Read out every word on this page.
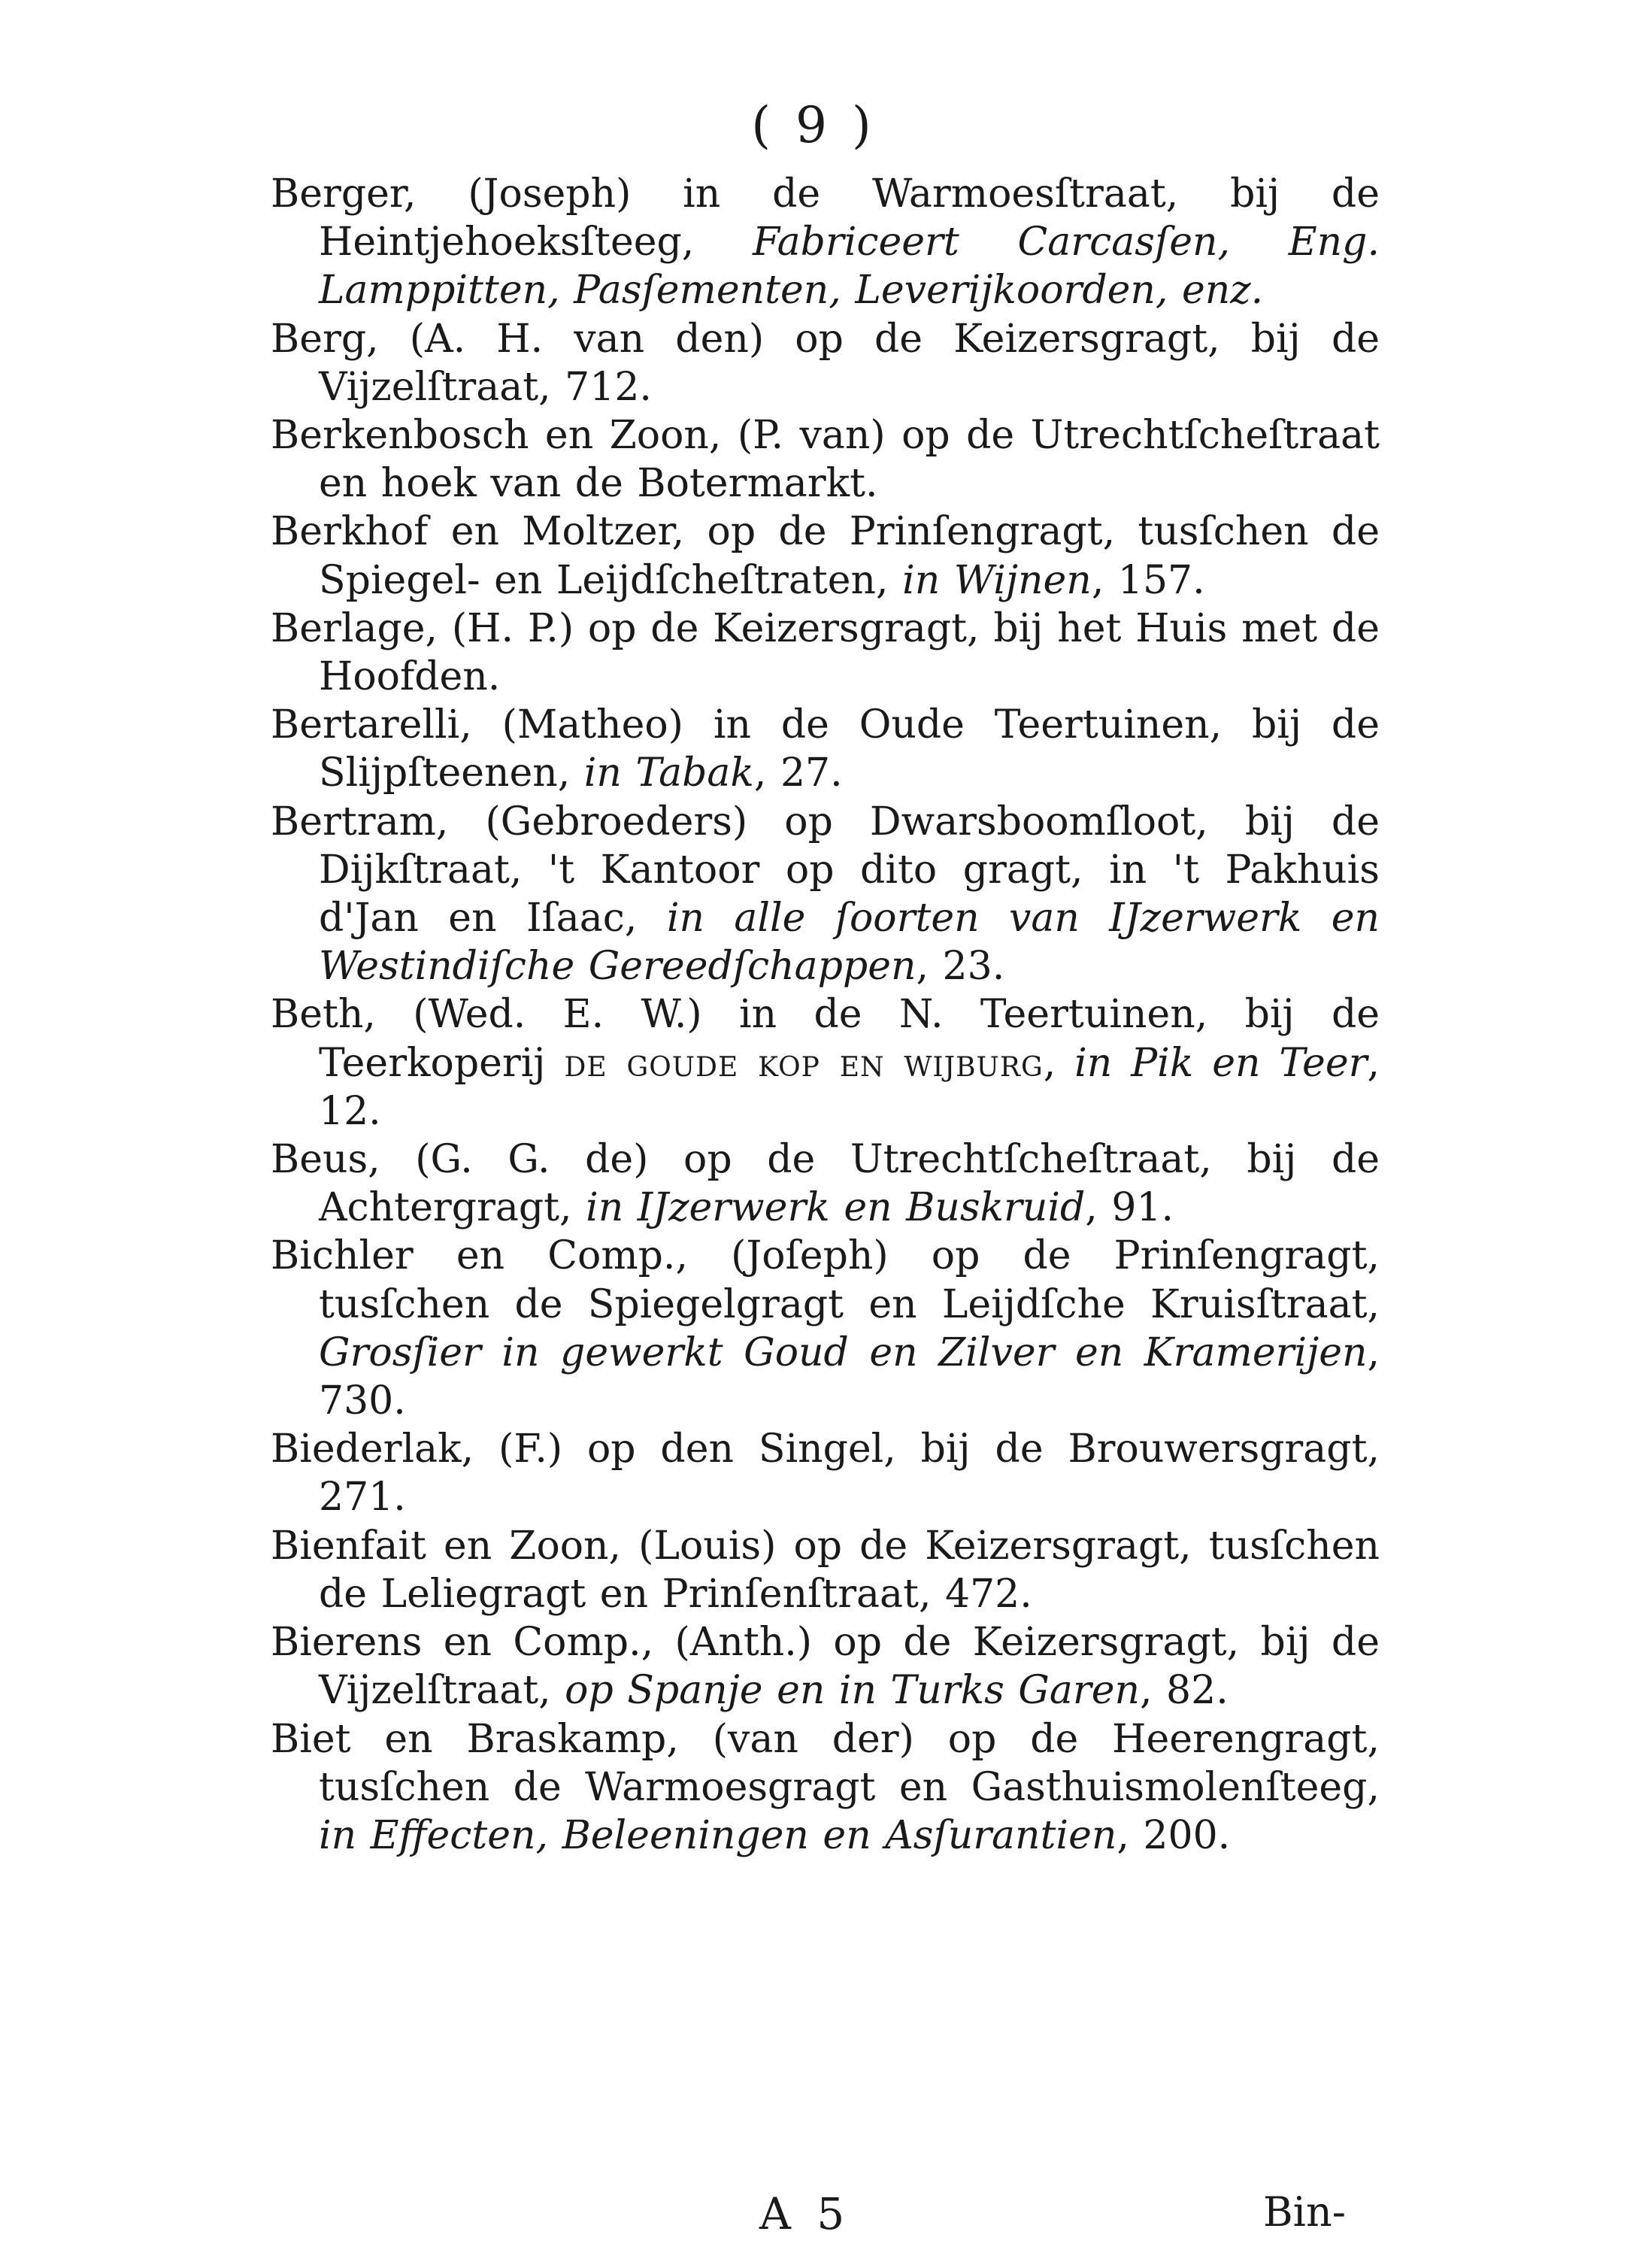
( 9 )
Berger, (Joseph) in de Warmoesſtraat, bij de Heintjehoeksſteeg, Fabriceert Carcasſen, Eng. Lamppitten, Pasſementen, Leverijkoorden, enz.
Berg, (A. H. van den) op de Keizersgragt, bij de Vijzelſtraat, 712.
Berkenbosch en Zoon, (P. van) op de Utrechtſcheſtraat en hoek van de Botermarkt.
Berkhof en Moltzer, op de Prinſengragt, tusſchen de Spiegel- en Leijdſcheſtraten, in Wijnen, 157.
Berlage, (H. P.) op de Keizersgragt, bij het Huis met de Hoofden.
Bertarelli, (Matheo) in de Oude Teertuinen, bij de Slijpſteenen, in Tabak, 27.
Bertram, (Gebroeders) op Dwarsboomſloot, bij de Dijkſtraat, 't Kantoor op dito gragt, in 't Pakhuis d'Jan en Iſaac, in alle ſoorten van IJzerwerk en Westindiſche Gereedſchappen, 23.
Beth, (Wed. E. W.) in de N. Teertuinen, bij de Teerkoperij de goude kop en wijburg, in Pik en Teer, 12.
Beus, (G. G. de) op de Utrechtſcheſtraat, bij de Achtergragt, in IJzerwerk en Buskruid, 91.
Bichler en Comp., (Joſeph) op de Prinſengragt, tusſchen de Spiegelgragt en Leijdſche Kruisſtraat, Grosſier in gewerkt Goud en Zilver en Kramerijen, 730.
Biederlak, (F.) op den Singel, bij de Brouwersgragt, 271.
Bienfait en Zoon, (Louis) op de Keizersgragt, tusſchen de Leliegragt en Prinſenſtraat, 472.
Bierens en Comp., (Anth.) op de Keizersgragt, bij de Vijzelſtraat, op Spanje en in Turks Garen, 82.
Biet en Braskamp, (van der) op de Heerengragt, tusſchen de Warmoesgragt en Gasthuismolenſteeg, in Effecten, Beleeningen en Asſurantien, 200.
A 5	Bin-
